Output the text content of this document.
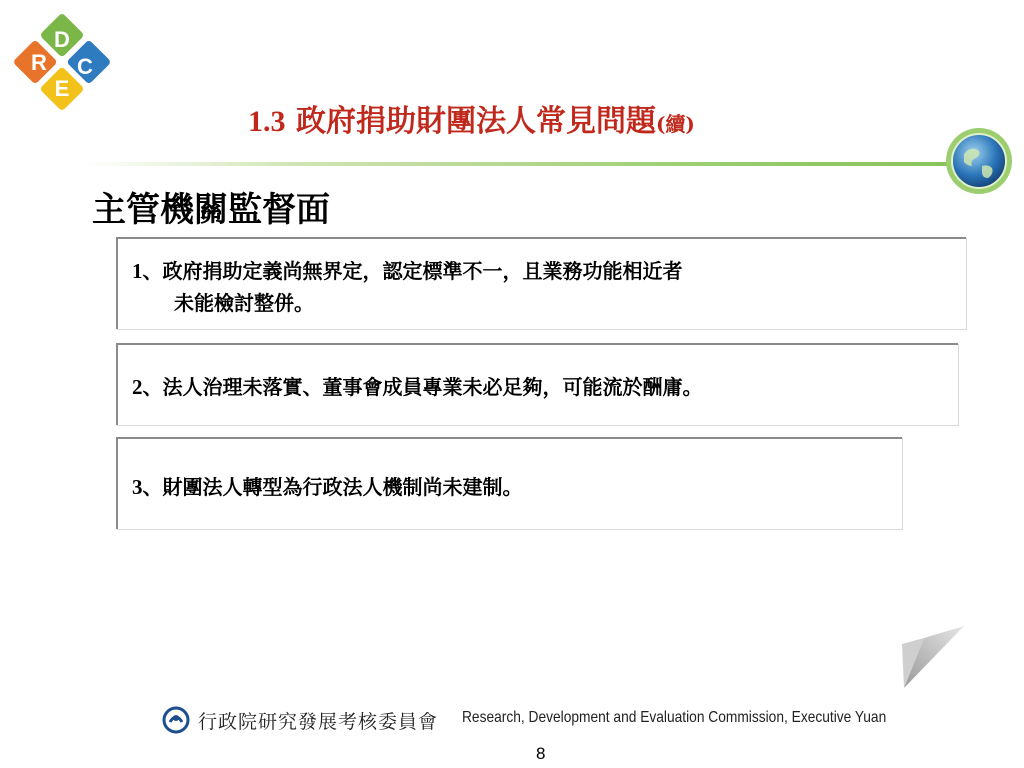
R
D
E
C
1.3 政府捐助財團法人常見問題(續)
主管機關監督面
1、政府捐助定義尚無界定，認定標準不一，且業務功能相近者
未能檢討整併。
2、法人治理未落實、董事會成員專業未必足夠，可能流於酬庸。
3、財團法人轉型為行政法人機制尚未建制。
行政院研究發展考核委員會 Research, Development and Evaluation Commission, Executive Yuan
8
